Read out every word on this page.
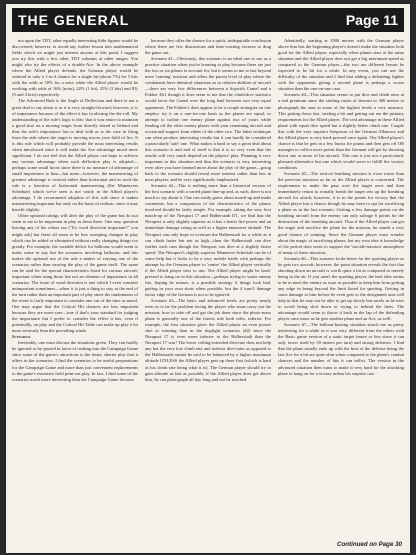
THE GENERAL	Page 11

not upon the TDT, other equally interesting little figures would be discovered; however, to avoid any further lesson into mathematical fields which we might just interest anyone at this point, I suggest you try this with a few other TDT columns at other ranges. You might also try the effects of a double-Ace. In the above example where the Allied player defends, the German player would be reduced to only a 1-in-4 chance for a single hit (about 7%) for 5 hits with the odds at 50% for a miss while the Allied player would be working with odds of 16% (miss), 42% (1 hit), 25% (3 hits) and 8% (5 and 4 hits) respectively.

The Advanced Rule is the Angle of Deflection and there is not a great deal to say about it as it is very straight-forward; however, it is of importance because of the effect it has in altering the die roll. My understanding of the rule's logic is this: that it was easier to maintain a good shot on a moving target from directly ahead or behind and thus the rule's importance has to deal with as is the case in firing from the side where the target is moving across your field of fire. It is this rule which will probably provide the most interesting results when introduced since it will make the Ace advantage much more significant. I do not feel that the Allied player can hope to achieve any serious advantage when such deflection play is adopted—perhaps some small boost since there is no measure of advantage of small importance to him—but none—however, the maneuvering of greatest advantage is vertical rather than horizontal and as such the rule is a function of horizontal maneuvering (the Maneuvers Schedule) which we've seen is not vastly in the Allied player's advantage. I do recommend adoption of this rule since it makes maneuvering important but only on the basis of realism, since it may benefit slightly.

Other optional rulings will alter the play of the game but do not seem to me to be important in play as these three. One may question leaving any of the others out ("It's word direction important?" you might ask) but these all seem to be less sweeping changes in play which can be added or eliminated without really changing things too greatly. For example, the variable deficit for balloons would seem to make sense in any but the scenarios involving balloons, and this makes the optional use of the rule a matter of varying one of the scenarios rather than varying the play of the game itself. The same can be said for the special characteristics listed for various aircraft; important when using those but not an element of importance in all scenarios. The issue of wind direction is one which I even consider unimportant sometimes—when it is just a thing to stay at the end of the turn rather than an important part of play since the randomness of the event is fairly important to consider one out of the time as noted. One may argue that the Critical Hit chances are less important because they are more rare—true if that's your standard for judging the importance but I prefer to consider the effect it has, even if potentially, on play and the Critical Hit Table can make up play a lot more seriously than the prevailing winds.

Scenarios

Inevitably, one must discuss the situations given. They can hardly be ignored or by-passed in favor of rushing into the Campaign Game since some of the game's attractions is the faster, shorter play that it offers in the scenarios. I find the scenarios to be useful preparations for the Campaign Game and more than just convenient replacements to the game's extensive field print-out play. In fact, I find some of the scenarios much more interesting than the Campaign Game because

because they offer the chance for a quick, indisputable conclusion where there are few distractions and time-wasting excuses to drag the game out.

Scenario #1—Obviously, this scenario is an ideal one to use as a practice situation when you're learning to play because there are just the two or six planes to account for, but it seems to me to last beyond mere 'training' sessions and offers the purest level of play where the combatants have identical situations as to relative abilities of aircraft—there are very few differences between a Sopwith Camel and a Fokker Dr1 though it does seem to me that the climb/dive statistics would favor the Camel over the long haul between two very equal opponents. The Fokker's does appear to be a couple strategies on one employ: try it on a one-for-one basis as the planes are equal; or attempt to isolate one enemy plane against two of yours while fending off the other enemy planes with your remaining aircraft and occasional support from either of the other two. The latter technique can often produce interesting results but it can hardly be considered a particularly 'safe' one. What makes it hard to say a great deal about this scenario is and and of itself is that it is so very even that the results will very much depend on the players' play. Planning is very important in this situation and thus the scenario is very interesting even after you have learned more about the play of the game—going back to the scenario should reveal more interest rather than less in most players, and be very significantly emphasized.

Scenario #2—This is nothing more than a historical version of the first scenario with a varied plane line-up and, as such, there is not much to say about it. One can easily guess about match-up and make comments, but a comparison of the characteristics of the planes involved should be fairly simple. For example, taking the very first match-up of the Nieuport 17 and Halberstadt D1, we find that the Nieuport is only slightly superior as it has a better fire-power and an immediate damage rating as well as a higher maneuver attitude. The Nieuport can only hope to overturn the Halberstadt for a while as it can climb faster but not as high—then the Halberstadt can dive further each turn though the Nieuport can dive at a slightly faster speed. The Nieuport's slightly superior Maneuver Schedule can be of some help but it looks to be a very mobile battle with perhaps the attempt by the German player to 'center' the Allied player vertically if the Allied player tries to run. The Allied player might be hard-pressed to hang on in this situation—perhaps trying to waste enemy fire, hoping he misses, is a possible strategy if things look bad, getting in your own shots when possible, but the 4 turn/1 damage factor edge of the German is not to be ignored.

Scenario #3—The basic and advanced levels are pretty nearly even as to be the problem facing the player who must carry out the mission; how to take off and get the job done since the photo-mass plane is generally one of the fastest ride both roles, inferior. For example, the first situation gives the Allied player an even poorer shot at winning than in the dogfight scenarios (#2) since the Nieuport 17 is even more inferior to the Halberstadt than the Nieuport 17 was! The lower ceiling/extended dive/rate does not help any but the very low climb rate and inferior dive-rates as opposed to the Halberstadt cannot be said to be balanced by a higher maximum altitude UNLESS the Allied player gets up there first (which is hard as his climb rate being what it is). The German player should try to gain altitude as fast as possible, if the Allied player does get above him, he can photograph all day long and not be touched.

Admittedly, starting at 3500 meters with the German player above him has the beginning player's doesn't make the situation look good for the Allied player, especially when planes start at the same situation and the Allied player does not get a big maximum-speed as compared to the German player—the two are different lesson be expected to be hit for a while. In any event, you can use the difficulty of the situation and I find that adding a defending fighter with the opponents giving a second plane is perhaps a worse situation than the one-on-one case.

Scenario #4—This situation seems to put dive and climb rates at a real premium since the strafing raster of descent to 300 meters to photograph the start at some of the highest levels a very measure. This getting down fast, strafing a bit and getting out are the primary requirements for the Allied player. The real advantage in these Allied plane with equal dive speed but a slightly better climb rate. Couple this with the very superior firepower of the German Albatross and the Allied player is very hard-pressed once again. The Allied player's chance is that he gets in a few bursts for points and then gets off OR manages to collect more points than the German will get by shooting down one or more of his aircraft. This one is just not a particularly pleasant alternative but one which would serve to fulfill the victory conditions.

Scenario #5—The tactical bombing mission is even worse than the previous missions as far as the Allied player is concerned. The requirement to make the pass over the target once and then immediately return to actually bomb the target sets up the bombing aircraft for attack; however, it is in the points for victory that the Allied player has a chance though he may have to opt for sacrificing a plane as in the last scenario. Getting a few damage points on the bombing aircraft from the enemy can only salvage 6 points for the destruction of the bombing aircraft. Thus if the Allied player can get the target and sacrifice the plane for the mission, he stands a very good chance of winning. Since the German player must wonder about the magic of sacrificing planes, but my own idea is knowledge of the period does seem to support the 'suicide-mission' atmosphere of many of these missions.

Scenario #6—This scenario looks better for the sporting player as he gets two aircraft; however, the point situation reveals the fact that shooting down an aircraft is worth quite a bit as compared to merely being in the air. If you aren't the sporting player, the best idea seems to be to meet the enemy as soon as possible to keep him from getting any edge in being beyond the limit listed for spotting. Getting in some damage to him before he even gets to the designated area will help in that he may not be able to get up slowly but surely as he tries to avoid being shot down or trying to behind the lines. The advantage would seem to throw it back in the lap of the defending player once more as he gets another plane and an Ace, as well.

Scenario #7—The balloon-busting situation struck me as pretty interesting for a while as it was very different from the others with the Basic game version of a static target (more or less since it can only lower itself by 50 meters per turn) and strong defenses. I find that the plane usually ends up with the best of the defense being the last Ace for a hit are quite slim when compared to the plane's combat chances and the number of hits it can inflict. The version in the advanced situation then turns to make it very hard for the attacking plane to hang on for a victory unless his surprise can

Continued on Page 30
